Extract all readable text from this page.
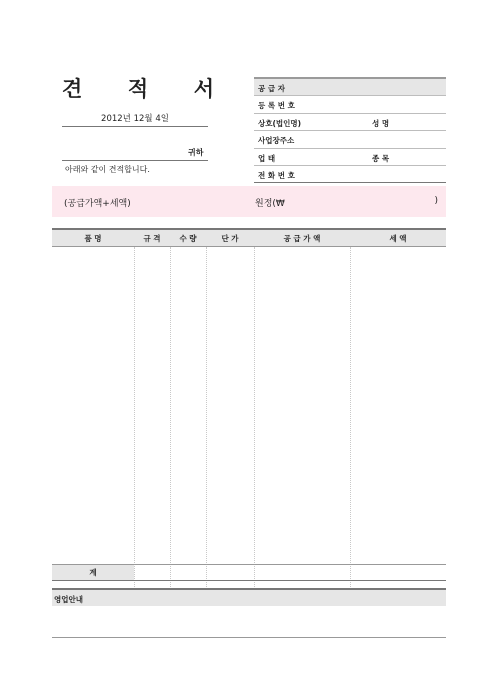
견 적 서
2012년 12월 4일
귀하
아래와 같이 견적합니다.
공 급 자
등 록 번 호
상호(법인명)	성 명
사업장주소
업 태	종 목
전 화 번 호
(공급가액+세액)	원정(₩	)
품 명	규 격	수 량	단 가	공 급 가 액	세 액
계
영업안내
